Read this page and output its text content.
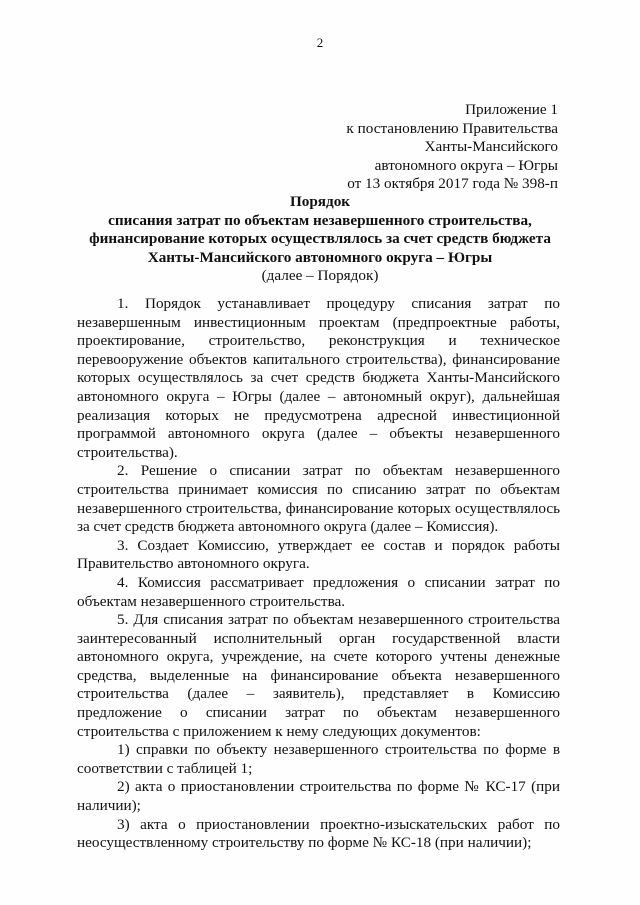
2
Приложение 1
к постановлению Правительства
Ханты-Мансийского
автономного округа – Югры
от 13 октября 2017 года № 398-п
Порядок
списания затрат по объектам незавершенного строительства,
финансирование которых осуществлялось за счет средств бюджета
Ханты-Мансийского автономного округа – Югры
(далее – Порядок)

1. Порядок устанавливает процедуру списания затрат по незавершенным инвестиционным проектам (предпроектные работы, проектирование, строительство, реконструкция и техническое перевооружение объектов капитального строительства), финансирование которых осуществлялось за счет средств бюджета Ханты-Мансийского автономного округа – Югры (далее – автономный округ), дальнейшая реализация которых не предусмотрена адресной инвестиционной программой автономного округа (далее – объекты незавершенного строительства).

2. Решение о списании затрат по объектам незавершенного строительства принимает комиссия по списанию затрат по объектам незавершенного строительства, финансирование которых осуществлялось за счет средств бюджета автономного округа (далее – Комиссия).

3. Создает Комиссию, утверждает ее состав и порядок работы Правительство автономного округа.

4. Комиссия рассматривает предложения о списании затрат по объектам незавершенного строительства.

5. Для списания затрат по объектам незавершенного строительства заинтересованный исполнительный орган государственной власти автономного округа, учреждение, на счете которого учтены денежные средства, выделенные на финансирование объекта незавершенного строительства (далее – заявитель), представляет в Комиссию предложение о списании затрат по объектам незавершенного строительства с приложением к нему следующих документов:

1) справки по объекту незавершенного строительства по форме в соответствии с таблицей 1;

2) акта о приостановлении строительства по форме № КС-17 (при наличии);

3) акта о приостановлении проектно-изыскательских работ по неосуществленному строительству по форме № КС-18 (при наличии);
